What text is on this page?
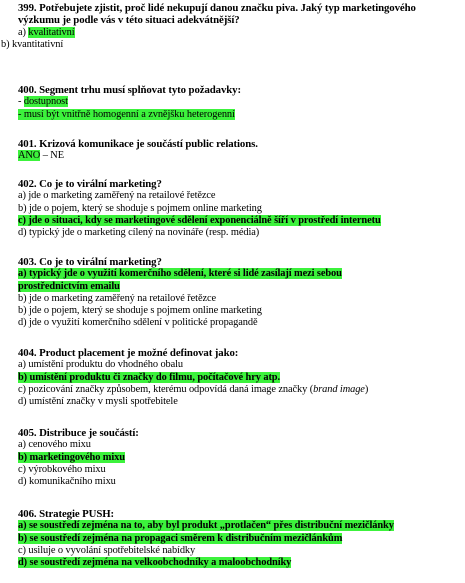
399. Potřebujete zjistit, proč lidé nekupují danou značku piva. Jaký typ marketingového
výzkumu je podle vás v této situaci adekvátnější?
a) kvalitativní
b) kvantitativní
400. Segment trhu musí splňovat tyto požadavky:
- dostupnost
- musí být vnitřně homogenní a zvnějšku heterogenní
401. Krizová komunikace je součástí public relations.
ANO – NE
402. Co je to virální marketing?
a) jde o marketing zaměřený na retailové řetězce
b) jde o pojem, který se shoduje s pojmem online marketing
c) jde o situaci, kdy se marketingové sdělení exponenciálně šíří v prostředí internetu
d) typický jde o marketing cílený na novináře (resp. média)
403. Co je to virální marketing?
a) typický jde o využití komerčního sdělení, které si lidé zasílají mezi sebou
prostřednictvím emailu
b) jde o marketing zaměřený na retailové řetězce
b) jde o pojem, který se shoduje s pojmem online marketing
d) jde o využití komerčního sdělení v politické propagandě
404. Product placement je možné definovat jako:
a) umístění produktu do vhodného obalu
b) umístění produktu či značky do filmu, počítačové hry atp.
c) pozicování značky způsobem, kterému odpovídá daná image značky (brand image)
d) umístění značky v mysli spotřebitele
405. Distribuce je součástí:
a) cenového mixu
b) marketingového mixu
c) výrobkového mixu
d) komunikačního mixu
406. Strategie PUSH:
a) se soustředí zejména na to, aby byl produkt „protlačen“ přes distribuční mezičlánky
b) se soustředí zejména na propagaci směrem k distribučním mezičlánkům
c) usiluje o vyvolání spotřebitelské nabídky
d) se soustředí zejména na velkoobchodníky a maloobchodníky
